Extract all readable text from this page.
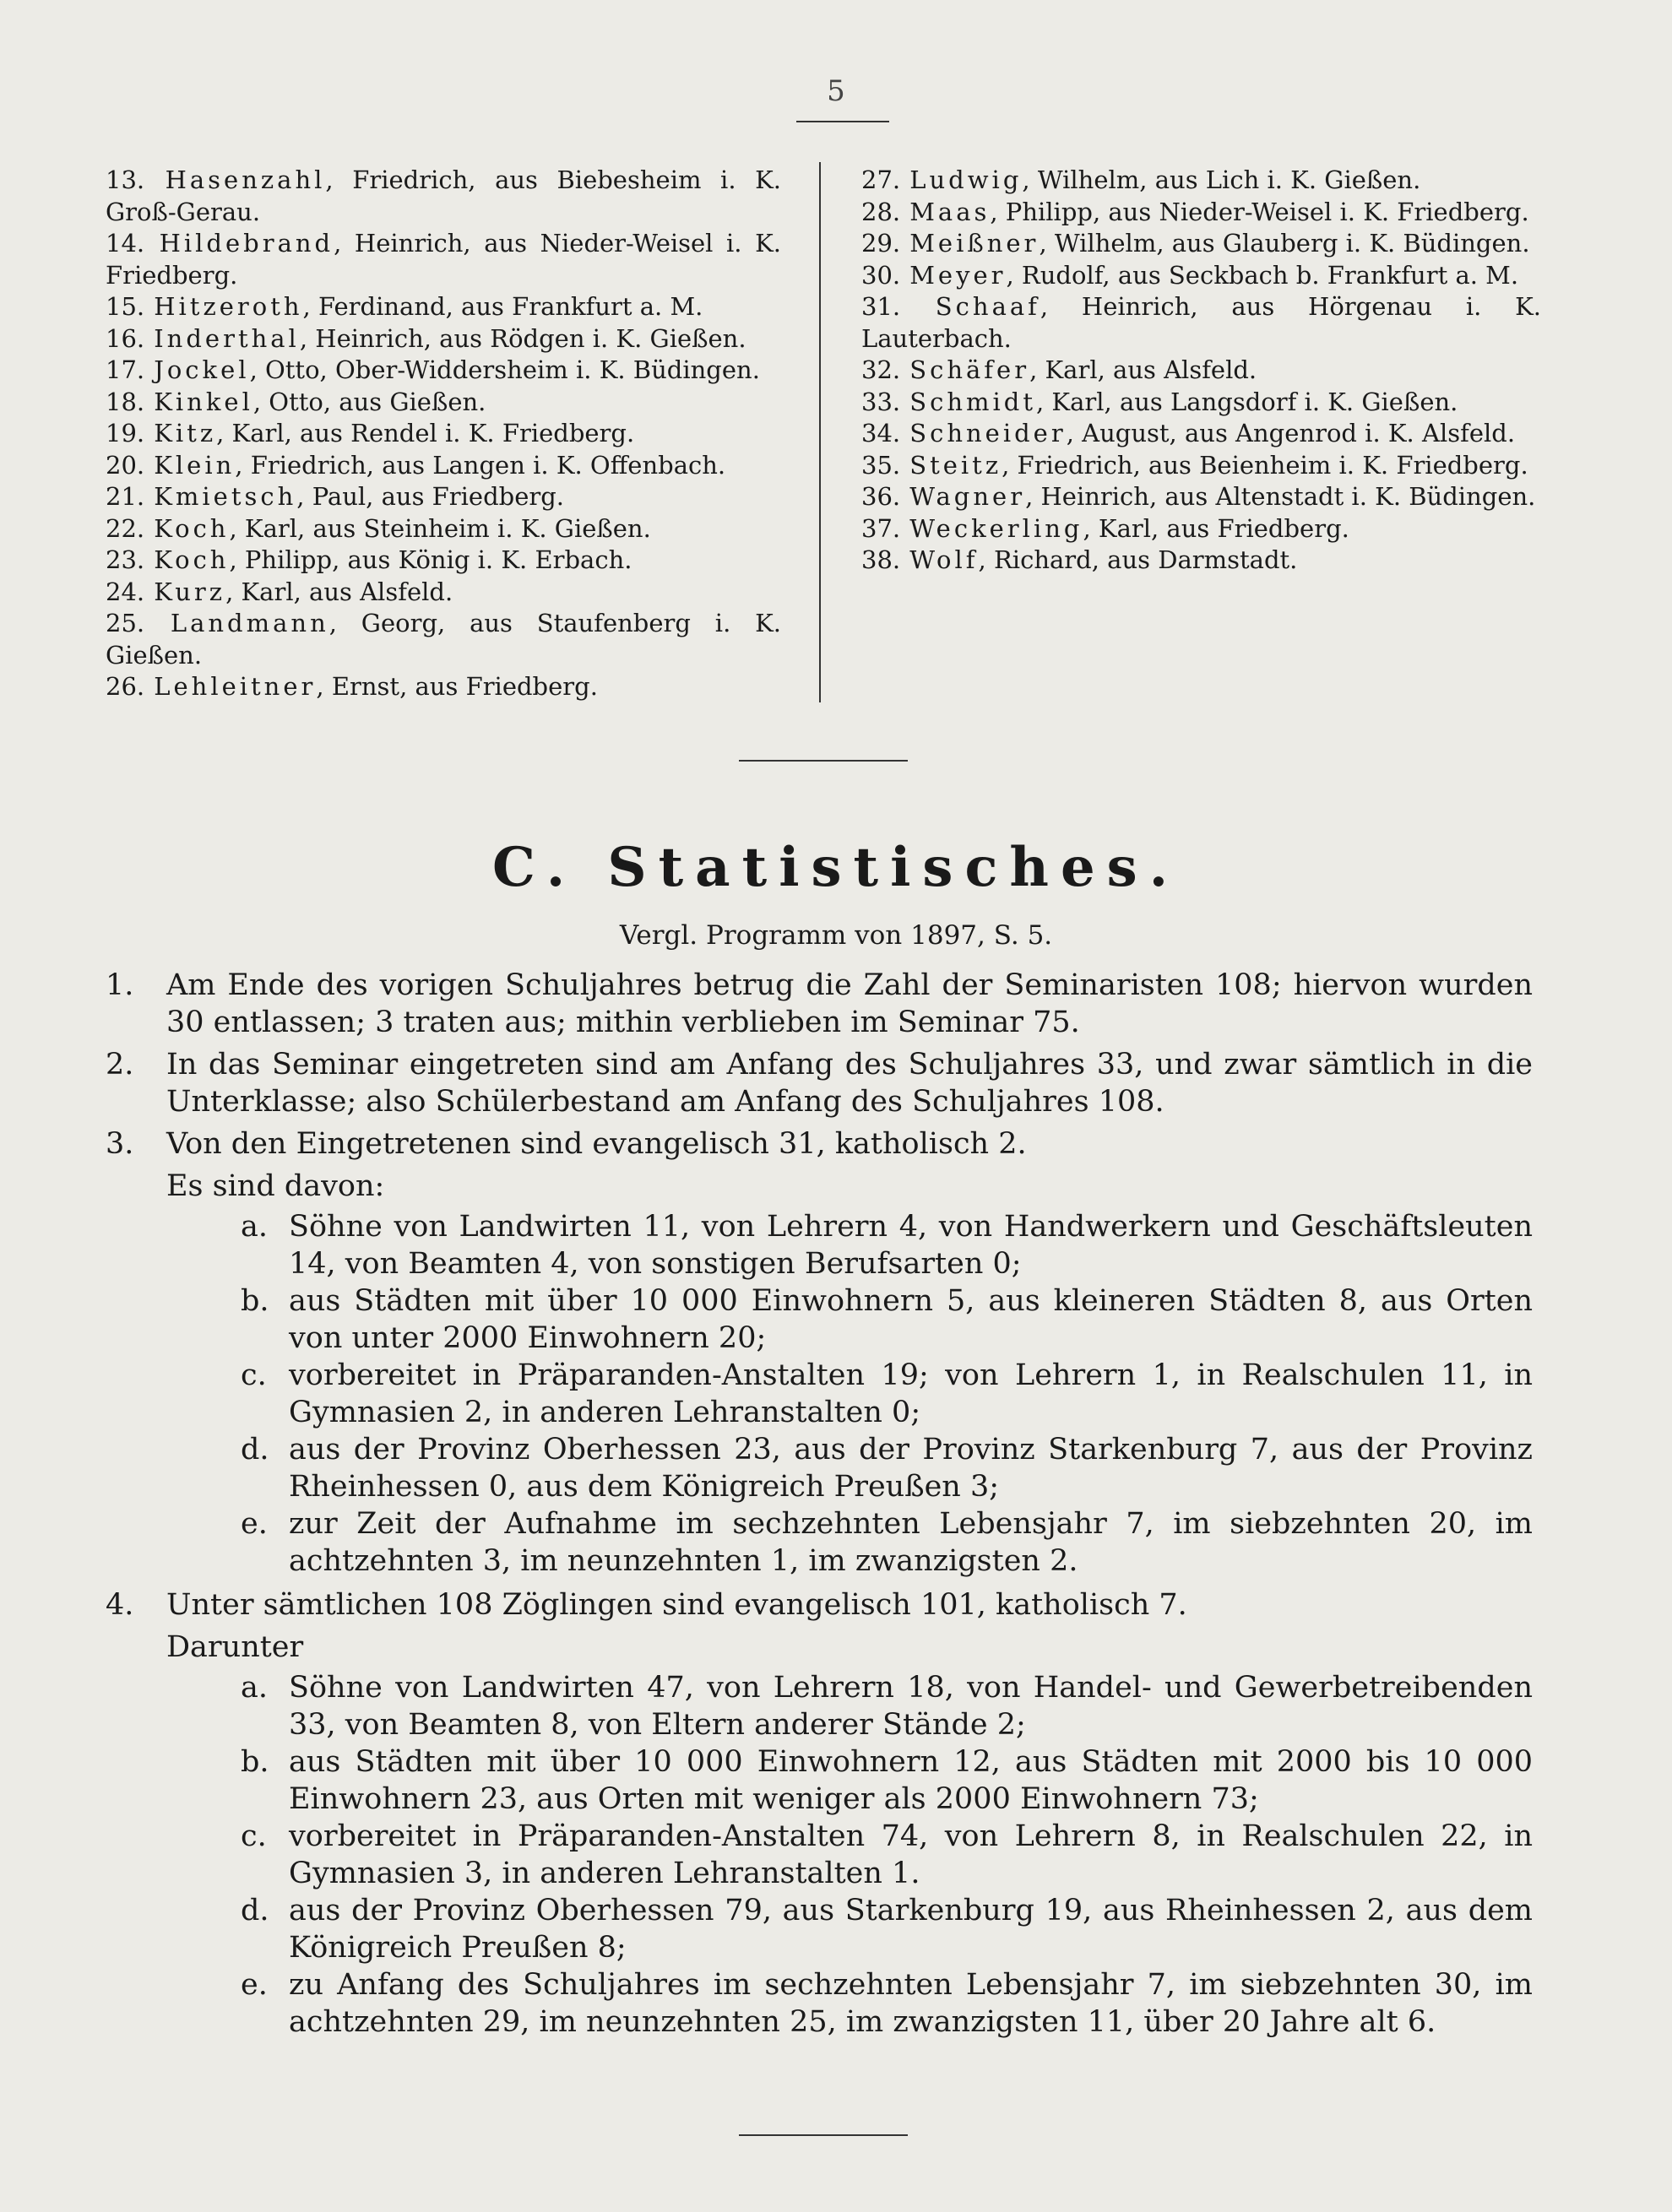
5
13. Hasenzahl, Friedrich, aus Biebesheim i. K. Groß-Gerau.
14. Hildebrand, Heinrich, aus Nieder-Weisel i. K. Friedberg.
15. Hitzeroth, Ferdinand, aus Frankfurt a. M.
16. Inderthal, Heinrich, aus Rödgen i. K. Gießen.
17. Jockel, Otto, Ober-Widdersheim i. K. Büdingen.
18. Kinkel, Otto, aus Gießen.
19. Kitz, Karl, aus Rendel i. K. Friedberg.
20. Klein, Friedrich, aus Langen i. K. Offenbach.
21. Kmietsch, Paul, aus Friedberg.
22. Koch, Karl, aus Steinheim i. K. Gießen.
23. Koch, Philipp, aus König i. K. Erbach.
24. Kurz, Karl, aus Alsfeld.
25. Landmann, Georg, aus Staufenberg i. K. Gießen.
26. Lehleitner, Ernst, aus Friedberg.
27. Ludwig, Wilhelm, aus Lich i. K. Gießen.
28. Maas, Philipp, aus Nieder-Weisel i. K. Friedberg.
29. Meißner, Wilhelm, aus Glauberg i. K. Büdingen.
30. Meyer, Rudolf, aus Seckbach b. Frankfurt a. M.
31. Schaaf, Heinrich, aus Hörgenau i. K. Lauterbach.
32. Schäfer, Karl, aus Alsfeld.
33. Schmidt, Karl, aus Langsdorf i. K. Gießen.
34. Schneider, August, aus Angenrod i. K. Alsfeld.
35. Steitz, Friedrich, aus Beienheim i. K. Friedberg.
36. Wagner, Heinrich, aus Altenstadt i. K. Büdingen.
37. Weckerling, Karl, aus Friedberg.
38. Wolf, Richard, aus Darmstadt.
C. Statistisches.
Vergl. Programm von 1897, S. 5.
1. Am Ende des vorigen Schuljahres betrug die Zahl der Seminaristen 108; hiervon wurden 30 entlassen; 3 traten aus; mithin verblieben im Seminar 75.
2. In das Seminar eingetreten sind am Anfang des Schuljahres 33, und zwar sämtlich in die Unterklasse; also Schülerbestand am Anfang des Schuljahres 108.
3. Von den Eingetretenen sind evangelisch 31, katholisch 2.
Es sind davon:
a. Söhne von Landwirten 11, von Lehrern 4, von Handwerkern und Geschäftsleuten 14, von Beamten 4, von sonstigen Berufsarten 0;
b. aus Städten mit über 10 000 Einwohnern 5, aus kleineren Städten 8, aus Orten von unter 2000 Einwohnern 20;
c. vorbereitet in Präparanden-Anstalten 19; von Lehrern 1, in Realschulen 11, in Gymnasien 2, in anderen Lehranstalten 0;
d. aus der Provinz Oberhessen 23, aus der Provinz Starkenburg 7, aus der Provinz Rheinhessen 0, aus dem Königreich Preußen 3;
e. zur Zeit der Aufnahme im sechzehnten Lebensjahr 7, im siebzehnten 20, im achtzehnten 3, im neunzehnten 1, im zwanzigsten 2.
4. Unter sämtlichen 108 Zöglingen sind evangelisch 101, katholisch 7.
Darunter
a. Söhne von Landwirten 47, von Lehrern 18, von Handel- und Gewerbetreibenden 33, von Beamten 8, von Eltern anderer Stände 2;
b. aus Städten mit über 10 000 Einwohnern 12, aus Städten mit 2000 bis 10 000 Einwohnern 23, aus Orten mit weniger als 2000 Einwohnern 73;
c. vorbereitet in Präparanden-Anstalten 74, von Lehrern 8, in Realschulen 22, in Gymnasien 3, in anderen Lehranstalten 1.
d. aus der Provinz Oberhessen 79, aus Starkenburg 19, aus Rheinhessen 2, aus dem Königreich Preußen 8;
e. zu Anfang des Schuljahres im sechzehnten Lebensjahr 7, im siebzehnten 30, im achtzehnten 29, im neunzehnten 25, im zwanzigsten 11, über 20 Jahre alt 6.
